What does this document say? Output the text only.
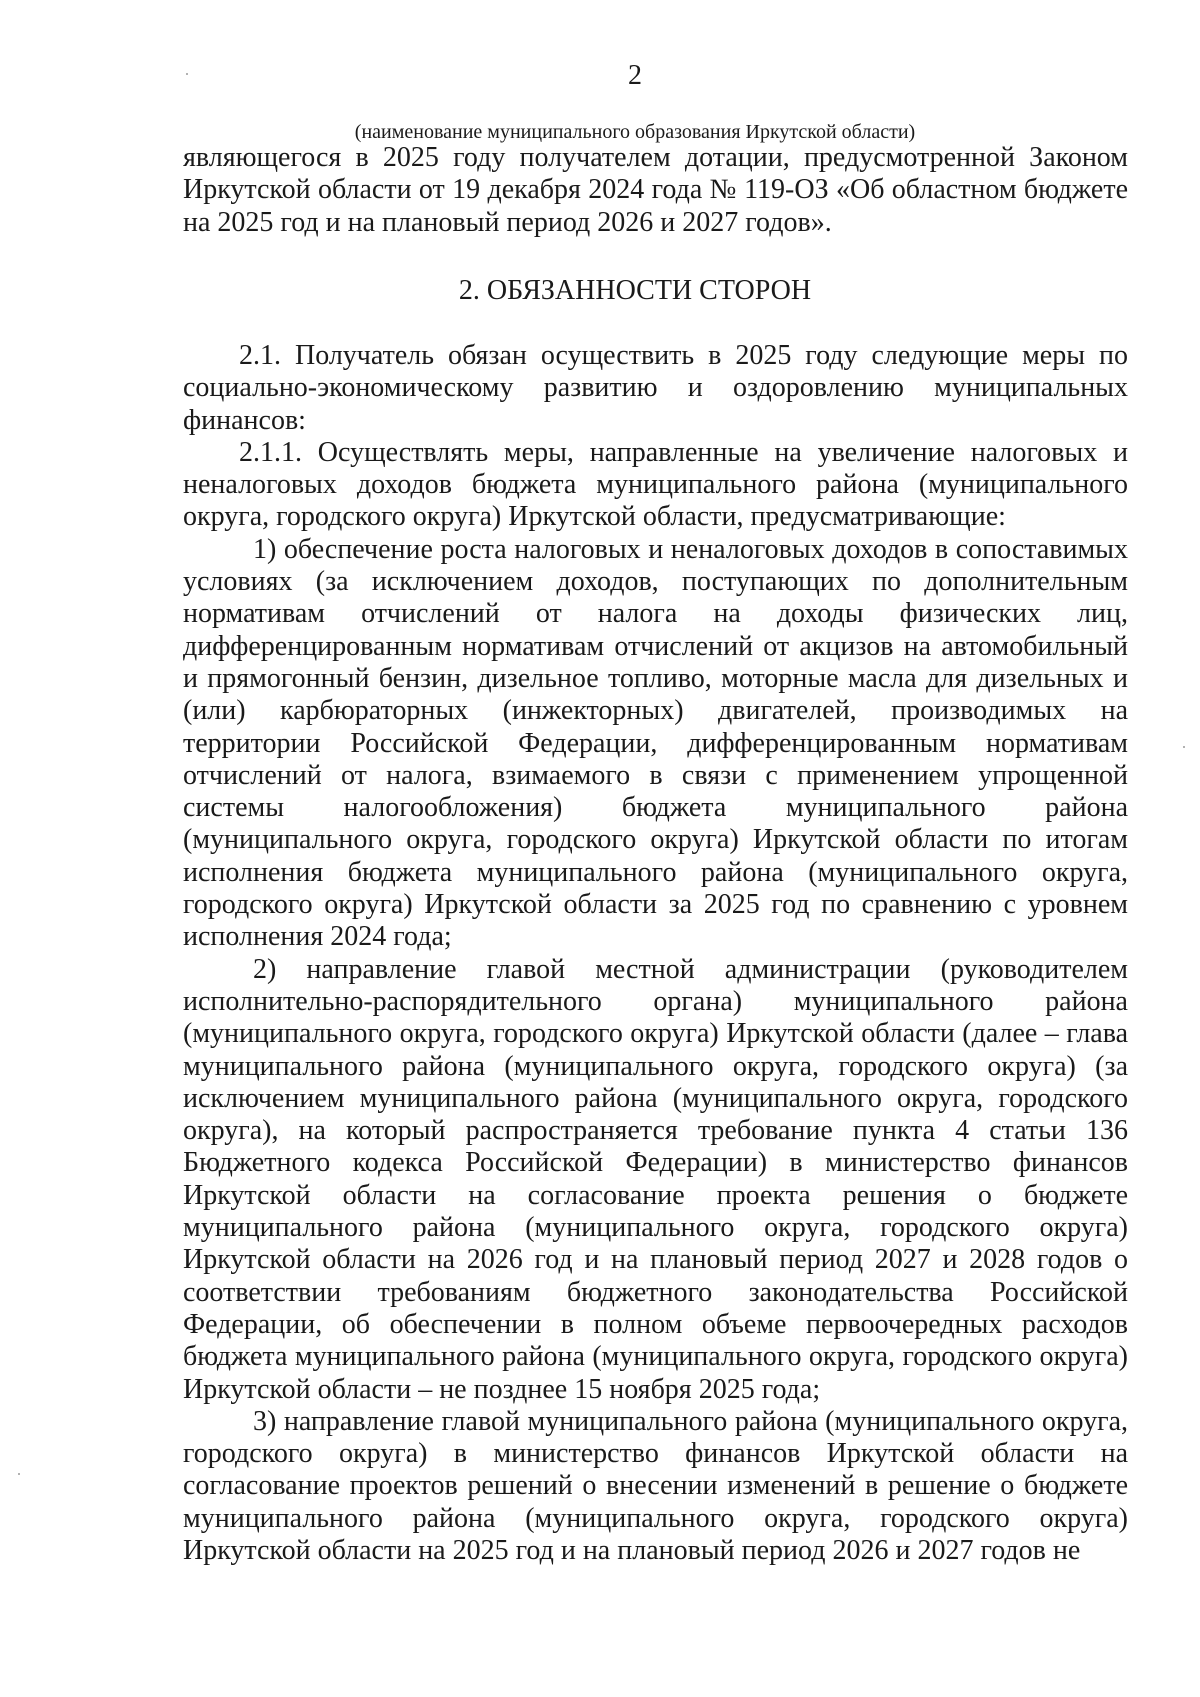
2
(наименование муниципального образования Иркутской области)
являющегося в 2025 году получателем дотации, предусмотренной Законом Иркутской области от 19 декабря 2024 года № 119-ОЗ «Об областном бюджете на 2025 год и на плановый период 2026 и 2027 годов».
2. ОБЯЗАННОСТИ СТОРОН

2.1. Получатель обязан осуществить в 2025 году следующие меры по социально-экономическому развитию и оздоровлению муниципальных финансов:

2.1.1. Осуществлять меры, направленные на увеличение налоговых и неналоговых доходов бюджета муниципального района (муниципального округа, городского округа) Иркутской области, предусматривающие:

1) обеспечение роста налоговых и неналоговых доходов в сопоставимых условиях (за исключением доходов, поступающих по дополнительным нормативам отчислений от налога на доходы физических лиц, дифференцированным нормативам отчислений от акцизов на автомобильный и прямогонный бензин, дизельное топливо, моторные масла для дизельных и (или) карбюраторных (инжекторных) двигателей, производимых на территории Российской Федерации, дифференцированным нормативам отчислений от налога, взимаемого в связи с применением упрощенной системы налогообложения) бюджета муниципального района (муниципального округа, городского округа) Иркутской области по итогам исполнения бюджета муниципального района (муниципального округа, городского округа) Иркутской области за 2025 год по сравнению с уровнем исполнения 2024 года;

2) направление главой местной администрации (руководителем исполнительно-распорядительного органа) муниципального района (муниципального округа, городского округа) Иркутской области (далее – глава муниципального района (муниципального округа, городского округа) (за исключением муниципального района (муниципального округа, городского округа), на который распространяется требование пункта 4 статьи 136 Бюджетного кодекса Российской Федерации) в министерство финансов Иркутской области на согласование проекта решения о бюджете муниципального района (муниципального округа, городского округа) Иркутской области на 2026 год и на плановый период 2027 и 2028 годов о соответствии требованиям бюджетного законодательства Российской Федерации, об обеспечении в полном объеме первоочередных расходов бюджета муниципального района (муниципального округа, городского округа) Иркутской области – не позднее 15 ноября 2025 года;

3) направление главой муниципального района (муниципального округа, городского округа) в министерство финансов Иркутской области на согласование проектов решений о внесении изменений в решение о бюджете муниципального района (муниципального округа, городского округа) Иркутской области на 2025 год и на плановый период 2026 и 2027 годов не
